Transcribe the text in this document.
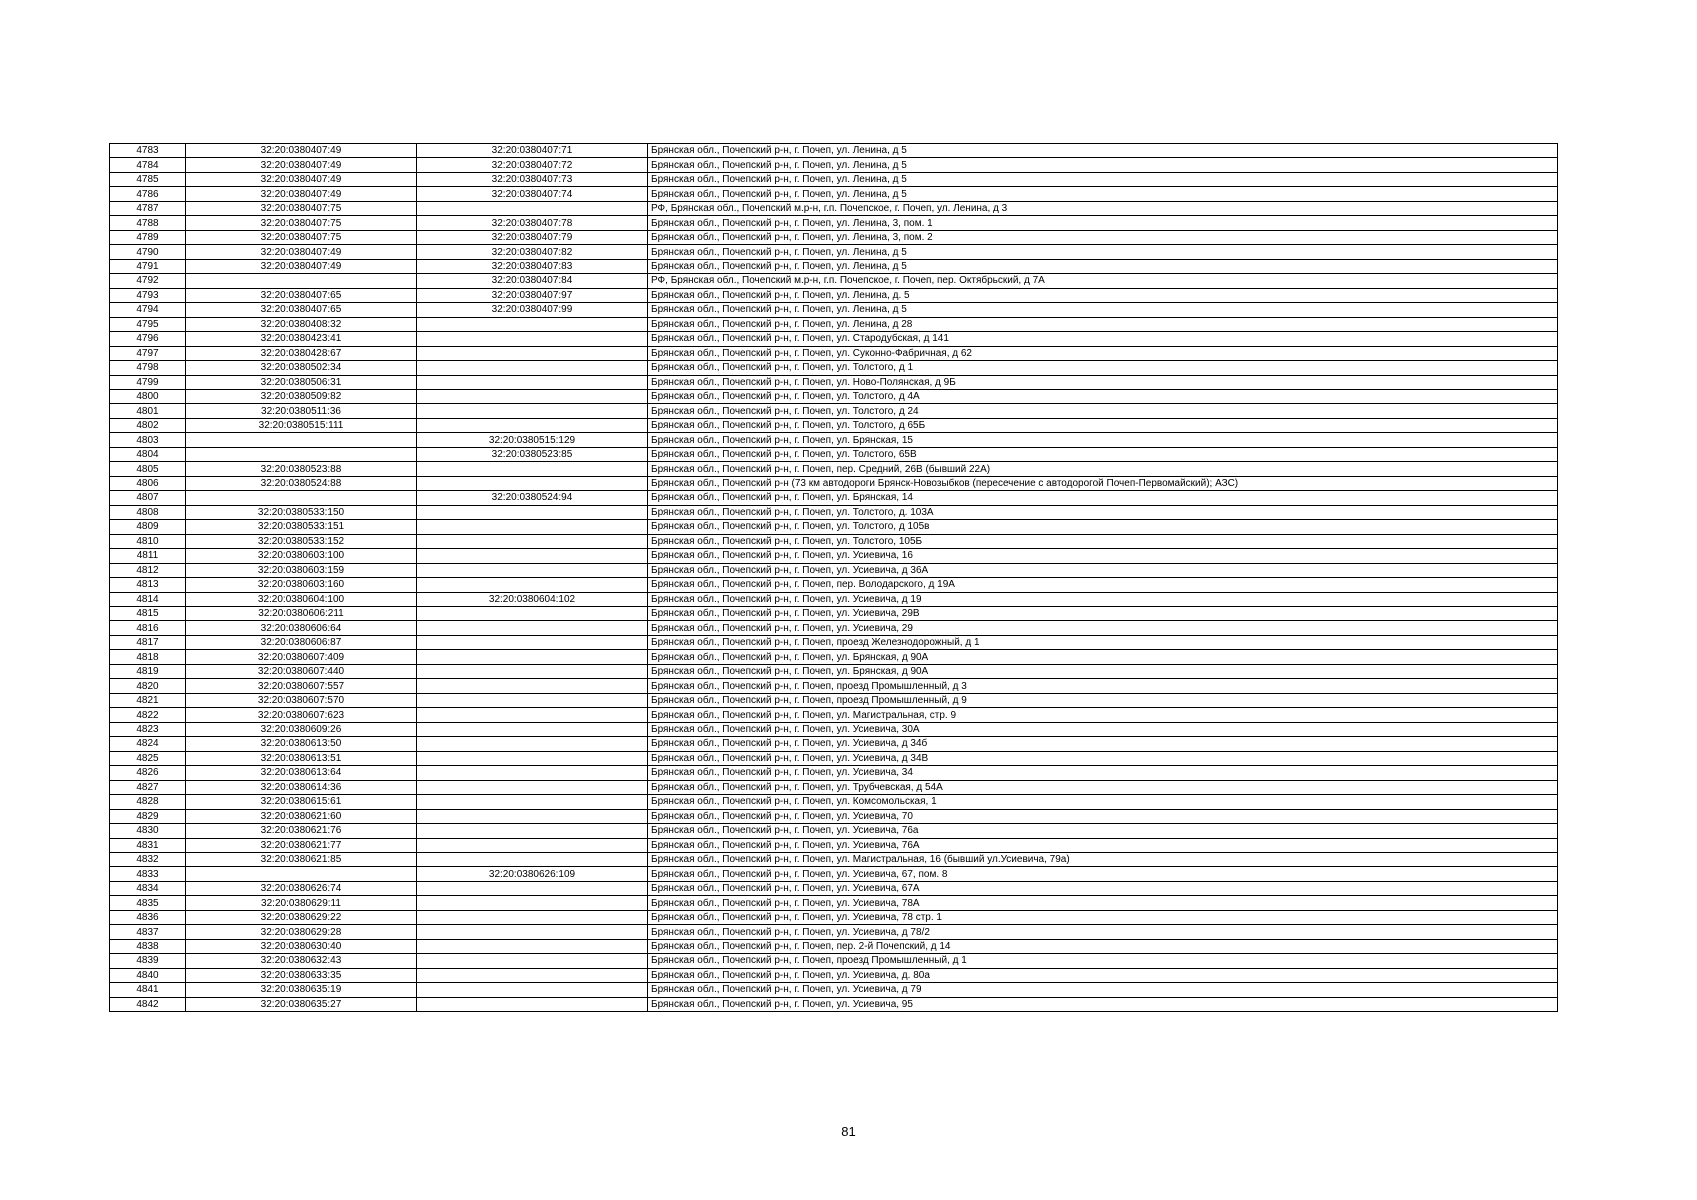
4783	32:20:0380407:49	32:20:0380407:71	Брянская обл., Почепский р-н, г. Почеп, ул. Ленина, д 5
4784	32:20:0380407:49	32:20:0380407:72	Брянская обл., Почепский р-н, г. Почеп, ул. Ленина, д 5
4785	32:20:0380407:49	32:20:0380407:73	Брянская обл., Почепский р-н, г. Почеп, ул. Ленина, д 5
4786	32:20:0380407:49	32:20:0380407:74	Брянская обл., Почепский р-н, г. Почеп, ул. Ленина, д 5
4787	32:20:0380407:75		РФ, Брянская обл., Почепский м.р-н, г.п. Почепское, г. Почеп, ул. Ленина, д 3
4788	32:20:0380407:75	32:20:0380407:78	Брянская обл., Почепский р-н, г. Почеп, ул. Ленина, 3, пом. 1
4789	32:20:0380407:75	32:20:0380407:79	Брянская обл., Почепский р-н, г. Почеп, ул. Ленина, 3, пом. 2
4790	32:20:0380407:49	32:20:0380407:82	Брянская обл., Почепский р-н, г. Почеп, ул. Ленина, д 5
4791	32:20:0380407:49	32:20:0380407:83	Брянская обл., Почепский р-н, г. Почеп, ул. Ленина, д 5
4792		32:20:0380407:84	РФ, Брянская обл., Почепский м.р-н, г.п. Почепское, г. Почеп, пер. Октябрьский, д 7А
4793	32:20:0380407:65	32:20:0380407:97	Брянская обл., Почепский р-н, г. Почеп, ул. Ленина, д. 5
4794	32:20:0380407:65	32:20:0380407:99	Брянская обл., Почепский р-н, г. Почеп, ул. Ленина, д 5
4795	32:20:0380408:32		Брянская обл., Почепский р-н, г. Почеп, ул. Ленина, д 28
4796	32:20:0380423:41		Брянская обл., Почепский р-н, г. Почеп, ул. Стародубская, д 141
4797	32:20:0380428:67		Брянская обл., Почепский р-н, г. Почеп, ул. Суконно-Фабричная, д 62
4798	32:20:0380502:34		Брянская обл., Почепский р-н, г. Почеп, ул. Толстого, д 1
4799	32:20:0380506:31		Брянская обл., Почепский р-н, г. Почеп, ул. Ново-Полянская, д 9Б
4800	32:20:0380509:82		Брянская обл., Почепский р-н, г. Почеп, ул. Толстого, д 4А
4801	32:20:0380511:36		Брянская обл., Почепский р-н, г. Почеп, ул. Толстого, д 24
4802	32:20:0380515:111		Брянская обл., Почепский р-н, г. Почеп, ул. Толстого, д 65Б
4803		32:20:0380515:129	Брянская обл., Почепский р-н, г. Почеп, ул. Брянская, 15
4804		32:20:0380523:85	Брянская обл., Почепский р-н, г. Почеп, ул. Толстого, 65В
4805	32:20:0380523:88		Брянская обл., Почепский р-н, г. Почеп, пер. Средний, 26В (бывший 22А)
4806	32:20:0380524:88		Брянская обл., Почепский р-н (73 км автодороги Брянск-Новозыбков (пересечение с автодорогой Почеп-Первомайский); АЗС)
4807		32:20:0380524:94	Брянская обл., Почепский р-н, г. Почеп, ул. Брянская, 14
4808	32:20:0380533:150		Брянская обл., Почепский р-н, г. Почеп, ул. Толстого, д. 103А
4809	32:20:0380533:151		Брянская обл., Почепский р-н, г. Почеп, ул. Толстого, д 105в
4810	32:20:0380533:152		Брянская обл., Почепский р-н, г. Почеп, ул. Толстого, 105Б
4811	32:20:0380603:100		Брянская обл., Почепский р-н, г. Почеп, ул. Усиевича, 16
4812	32:20:0380603:159		Брянская обл., Почепский р-н, г. Почеп, ул. Усиевича, д 36А
4813	32:20:0380603:160		Брянская обл., Почепский р-н, г. Почеп, пер. Володарского, д 19А
4814	32:20:0380604:100	32:20:0380604:102	Брянская обл., Почепский р-н, г. Почеп, ул. Усиевича, д 19
4815	32:20:0380606:211		Брянская обл., Почепский р-н, г. Почеп, ул. Усиевича, 29В
4816	32:20:0380606:64		Брянская обл., Почепский р-н, г. Почеп, ул. Усиевича, 29
4817	32:20:0380606:87		Брянская обл., Почепский р-н, г. Почеп, проезд Железнодорожный, д 1
4818	32:20:0380607:409		Брянская обл., Почепский р-н, г. Почеп, ул. Брянская, д 90А
4819	32:20:0380607:440		Брянская обл., Почепский р-н, г. Почеп, ул. Брянская, д 90А
4820	32:20:0380607:557		Брянская обл., Почепский р-н, г. Почеп, проезд Промышленный, д 3
4821	32:20:0380607:570		Брянская обл., Почепский р-н, г. Почеп, проезд Промышленный, д 9
4822	32:20:0380607:623		Брянская обл., Почепский р-н, г. Почеп, ул. Магистральная, стр. 9
4823	32:20:0380609:26		Брянская обл., Почепский р-н, г. Почеп, ул. Усиевича, 30А
4824	32:20:0380613:50		Брянская обл., Почепский р-н, г. Почеп, ул. Усиевича, д 34б
4825	32:20:0380613:51		Брянская обл., Почепский р-н, г. Почеп, ул. Усиевича, д 34В
4826	32:20:0380613:64		Брянская обл., Почепский р-н, г. Почеп, ул. Усиевича, 34
4827	32:20:0380614:36		Брянская обл., Почепский р-н, г. Почеп, ул. Трубчевская, д 54А
4828	32:20:0380615:61		Брянская обл., Почепский р-н, г. Почеп, ул. Комсомольская, 1
4829	32:20:0380621:60		Брянская обл., Почепский р-н, г. Почеп, ул. Усиевича, 70
4830	32:20:0380621:76		Брянская обл., Почепский р-н, г. Почеп, ул. Усиевича, 76а
4831	32:20:0380621:77		Брянская обл., Почепский р-н, г. Почеп, ул. Усиевича, 76А
4832	32:20:0380621:85		Брянская обл., Почепский р-н, г. Почеп, ул. Магистральная, 16 (бывший ул.Усиевича, 79а)
4833		32:20:0380626:109	Брянская обл., Почепский р-н, г. Почеп, ул. Усиевича, 67, пом. 8
4834	32:20:0380626:74		Брянская обл., Почепский р-н, г. Почеп, ул. Усиевича, 67А
4835	32:20:0380629:11		Брянская обл., Почепский р-н, г. Почеп, ул. Усиевича, 78А
4836	32:20:0380629:22		Брянская обл., Почепский р-н, г. Почеп, ул. Усиевича, 78 стр. 1
4837	32:20:0380629:28		Брянская обл., Почепский р-н, г. Почеп, ул. Усиевича, д 78/2
4838	32:20:0380630:40		Брянская обл., Почепский р-н, г. Почеп, пер. 2-й Почепский, д 14
4839	32:20:0380632:43		Брянская обл., Почепский р-н, г. Почеп, проезд Промышленный, д 1
4840	32:20:0380633:35		Брянская обл., Почепский р-н, г. Почеп, ул. Усиевича, д. 80а
4841	32:20:0380635:19		Брянская обл., Почепский р-н, г. Почеп, ул. Усиевича, д 79
4842	32:20:0380635:27		Брянская обл., Почепский р-н, г. Почеп, ул. Усиевича, 95
81
